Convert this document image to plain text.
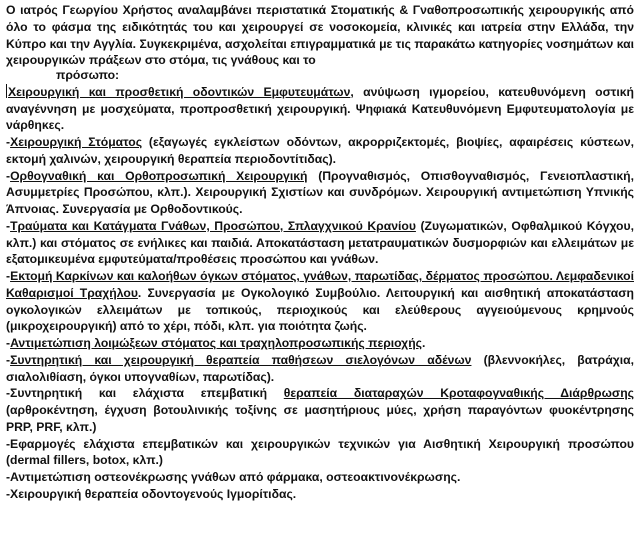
Ο ιατρός Γεωργίου Χρήστος αναλαμβάνει περιστατικά Στοματικής & Γναθοπροσωπικής χειρουργικής από όλο το φάσμα της ειδικότητάς του και χειρουργεί σε νοσοκομεία, κλινικές και ιατρεία στην Ελλάδα, την Κύπρο και την Αγγλία. Συγκεκριμένα, ασχολείται επιγραμματικά με τις παρακάτω κατηγορίες νοσημάτων και χειρουργικών πράξεων στο στόμα, τις γνάθους και το

πρόσωπο:

Χειρουργική και προσθετική οδοντικών Εμφυτευμάτων, ανύψωση ιγμορείου, κατευθυνόμενη οστική αναγέννηση με μοσχεύματα, προπροσθετική χειρουργική. Ψηφιακά Κατευθυνόμενη Εμφυτευματολογία με νάρθηκες.

-Χειρουργική Στόματος (εξαγωγές εγκλείστων οδόντων, ακρορριζεκτομές, βιοψίες, αφαιρέσεις κύστεων, εκτομή χαλινών, χειρουργική θεραπεία περιοδοντίτιδας).

-Ορθογναθική και Ορθοπροσωπική Χειρουργική (Προγναθισμός, Οπισθογναθισμός, Γενειοπλαστική, Ασυμμετρίες Προσώπου, κλπ.). Χειρουργική Σχιστίων και συνδρόμων. Χειρουργική αντιμετώπιση Υπνικής Άπνοιας. Συνεργασία με Ορθοδοντικούς.

-Τραύματα και Κατάγματα Γνάθων, Προσώπου, Σπλαγχνικού Κρανίου (Ζυγωματικών, Οφθαλμικού Κόγχου, κλπ.) και στόματος σε ενήλικες και παιδιά. Αποκατάσταση μετατραυματικών δυσμορφιών και ελλειμάτων με εξατομικευμένα εμφυτεύματα/προθέσεις προσώπου και γνάθων.

-Εκτομή Καρκίνων και καλοήθων όγκων στόματος, γνάθων, παρωτίδας, δέρματος προσώπου. Λεμφαδενικοί Καθαρισμοί Τραχήλου. Συνεργασία με Ογκολογικό Συμβούλιο. Λειτουργική και αισθητική αποκατάσταση ογκολογικών ελλειμάτων με τοπικούς, περιοχικούς και ελεύθερους αγγειούμενους κρημνούς (μικροχειρουργική) από το χέρι, πόδι, κλπ. για ποιότητα ζωής.

-Αντιμετώπιση λοιμώξεων στόματος και τραχηλοπροσωπικής περιοχής.

-Συντηρητική και χειρουργική θεραπεία παθήσεων σιελογόνων αδένων (βλεννοκήλες, βατράχια, σιαλολιθίαση, όγκοι υπογναθίων, παρωτίδας).

-Συντηρητική και ελάχιστα επεμβατική θεραπεία διαταραχών Κροταφογναθικής Διάρθρωσης (αρθροκέντηση, έγχυση βοτουλινικής τοξίνης σε μασητήριους μύες, χρήση παραγόντων φυοκέντρησης PRP, PRF, κλπ.)

-Εφαρμογές ελάχιστα επεμβατικών και χειρουργικών τεχνικών για Αισθητική Χειρουργική προσώπου (dermal fillers, botox, κλπ.)

-Αντιμετώπιση οστεονέκρωσης γνάθων από φάρμακα, οστεοακτινονέκρωσης.

-Χειρουργική θεραπεία οδοντογενούς Ιγμορίτιδας.
